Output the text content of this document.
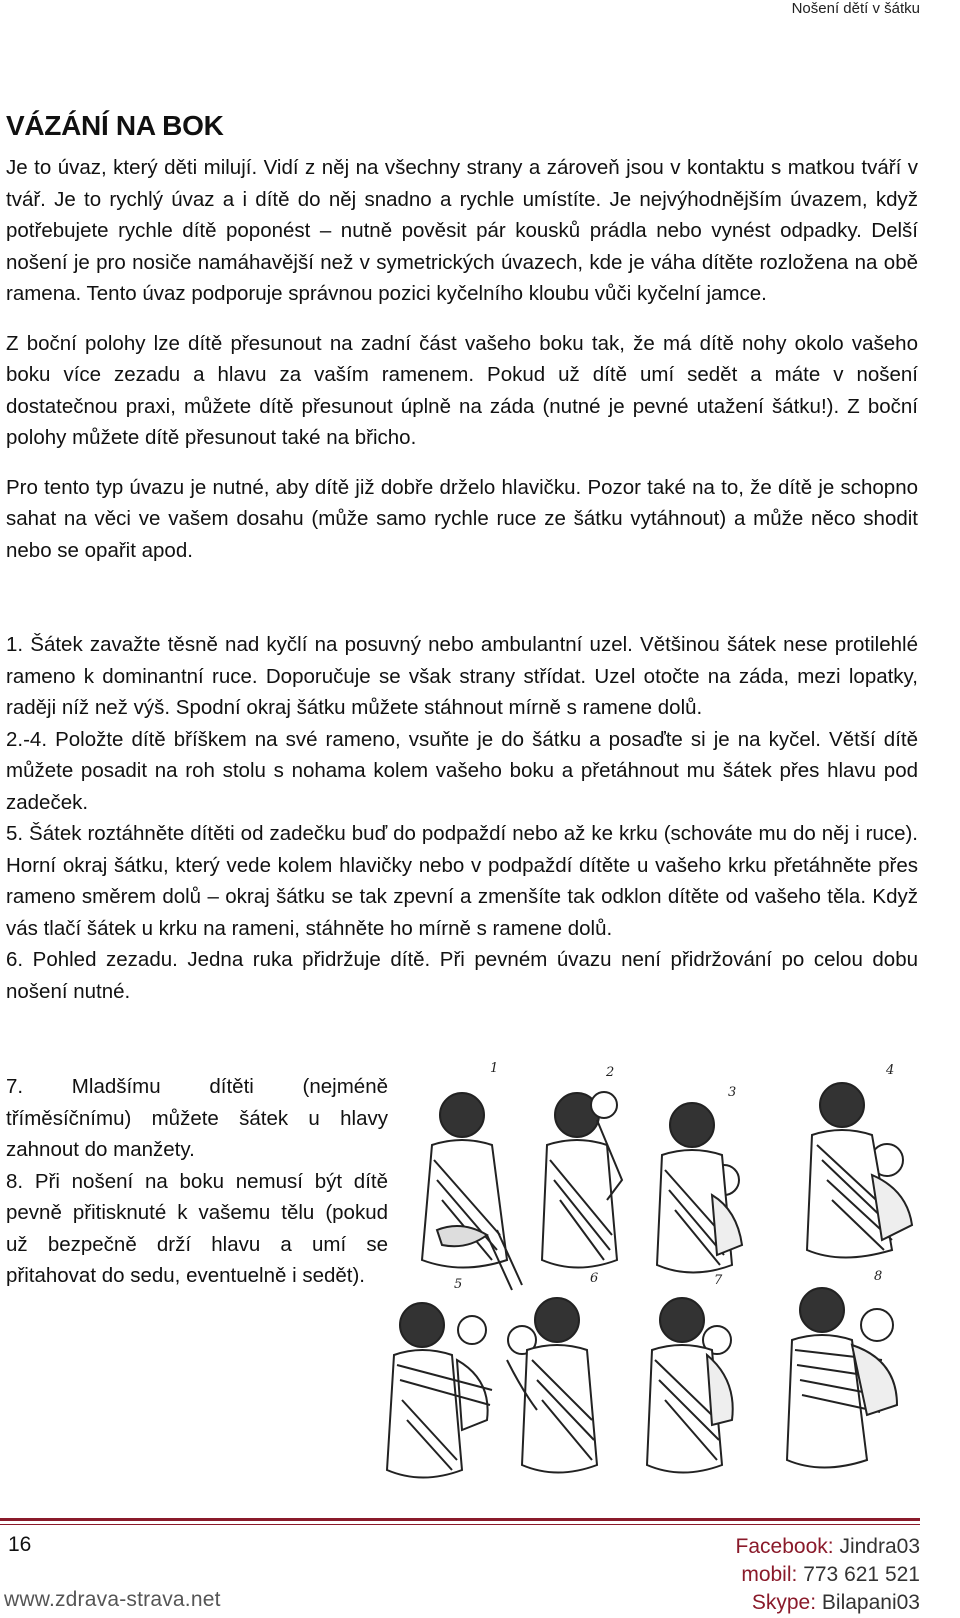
Nošení dětí v šátku
VÁZÁNÍ NA BOK

Je to úvaz, který děti milují. Vidí z něj na všechny strany a zároveň jsou v kontaktu s matkou tváří v tvář. Je to rychlý úvaz a i dítě do něj snadno a rychle umístíte. Je nejvýhodnějším úvazem, když potřebujete rychle dítě poponést – nutně pověsit pár kousků prádla nebo vynést odpadky. Delší nošení je pro nosiče namáhavější než v symetrických úvazech, kde je váha dítěte rozložena na obě ramena. Tento úvaz podporuje správnou pozici kyčelního kloubu vůči kyčelní jamce.

Z boční polohy lze dítě přesunout na zadní část vašeho boku tak, že má dítě nohy okolo vašeho boku více zezadu a hlavu za vaším ramenem. Pokud už dítě umí sedět a máte v nošení dostatečnou praxi, můžete dítě přesunout úplně na záda (nutné je pevné utažení šátku!). Z boční polohy můžete dítě přesunout také na břicho.

Pro tento typ úvazu je nutné, aby dítě již dobře drželo hlavičku. Pozor také na to, že dítě je schopno sahat na věci ve vašem dosahu (může samo rychle ruce ze šátku vytáhnout) a může něco shodit nebo se opařit apod.

1. Šátek zavažte těsně nad kyčlí na posuvný nebo ambulantní uzel. Většinou šátek nese protilehlé rameno k dominantní ruce. Doporučuje se však strany střídat. Uzel otočte na záda, mezi lopatky, raději níž než výš. Spodní okraj šátku můžete stáhnout mírně s ramene dolů.

2.-4. Položte dítě bříškem na své rameno, vsuňte je do šátku a posaďte si je na kyčel. Větší dítě můžete posadit na roh stolu s nohama kolem vašeho boku a přetáhnout mu šátek přes hlavu pod zadeček.

5. Šátek roztáhněte dítěti od zadečku buď do podpaždí nebo až ke krku (schováte mu do něj i ruce). Horní okraj šátku, který vede kolem hlavičky nebo v podpaždí dítěte u vašeho krku přetáhněte přes rameno směrem dolů – okraj šátku se tak zpevní a zmenšíte tak odklon dítěte od vašeho těla. Když vás tlačí šátek u krku na rameni, stáhněte ho mírně s ramene dolů.

6. Pohled zezadu. Jedna ruka přidržuje dítě. Při pevném úvazu není přidržování po celou dobu nošení nutné.

7. Mladšímu dítěti (nejméně tříměsíčnímu) můžete šátek u hlavy zahnout do manžety.

8. Při nošení na boku nemusí být dítě pevně přitisknuté k vašemu tělu (pokud už bezpečně drží hlavu a umí se přitahovat do sedu, eventuelně i sedět).

1	2
3
4
5	6	7	8
16
www.zdrava-strava.net
Facebook: Jindra03
mobil: 773 621 521
Skype: Bilapani03
